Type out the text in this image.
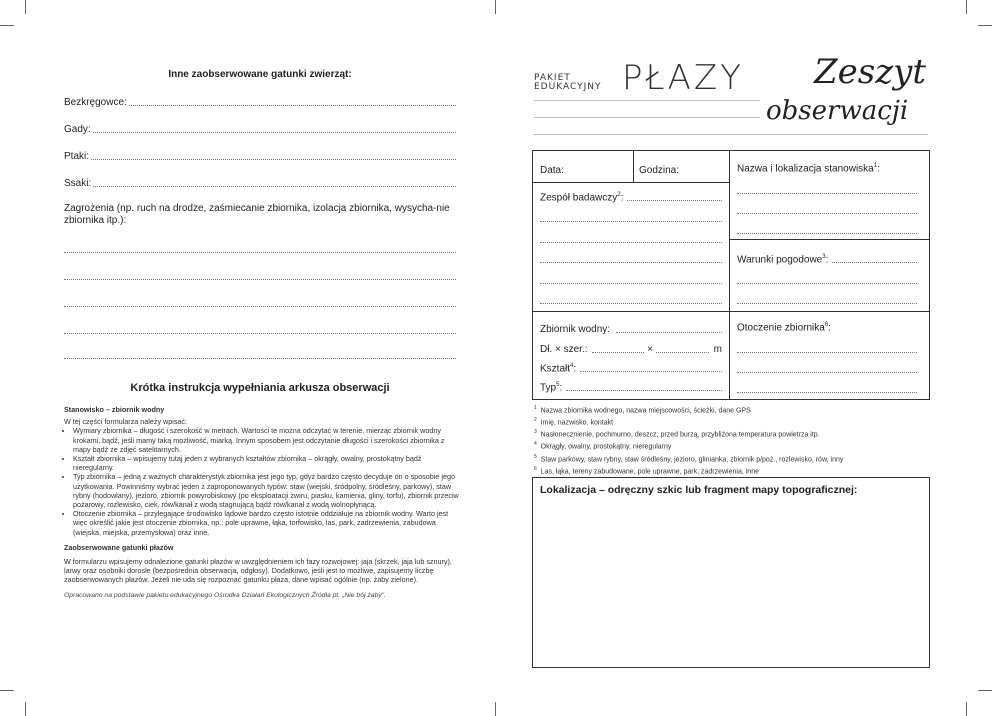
Inne zaobserwowane gatunki zwierząt:
Bezkręgowce:
Gady:
Ptaki:
Ssaki:
Zagrożenia (np. ruch na drodze, zaśmiecanie zbiornika, izolacja zbiornika, wysycha-nie zbiornika itp.):
Krótka instrukcja wypełniania arkusza obserwacji
Stanowisko – zbiornik wodny
W tej części formularza należy wpisać:
• Wymiary zbiornika – długość i szerokość w metrach. Wartości te można odczytać w terenie, mierząc zbiornik wodny krokami, bądź, jeśli mamy taką możliwość, miarką. Innym sposobem jest odczytanie długości i szerokości zbiornika z mapy bądź ze zdjęć satelitarnych.
• Kształt zbiornika – wpisujemy tutaj jeden z wybranych kształtów zbiornika – okrągły, owalny, prostokątny bądź nieregularny.
• Typ zbiornika – jedną z ważnych charakterystyk zbiornika jest jego typ, gdyż bardzo często decyduje on o sposobie jego użytkowania. Powinniśmy wybrać jeden z zaproponowanych typów: staw (wiejski, śródpolny, śródleśny, parkowy), staw rybny (hodowlany), jezioro, zbiornik powyrobiskowy (po eksploatacji żwiru, piasku, kamienia, gliny, torfu), zbiornik przeciw pożarowy, rozlewisko, ciek, rów/kanał z wodą stagnującą bądź rów/kanał z wodą wolnopłynącą.
• Otoczenie zbiornika – przylegające środowisko lądowe bardzo często istotnie oddziałuje na zbiornik wodny. Warto jest więc określić jakie jest otoczenie zbiornika, np.: pole uprawne, łąka, torfowisko, las, park, zadrzewienia, zabudowa (wiejska, miejska, przemysłowa) oraz inne.
Zaobserwowane gatunki płazów
W formularzu wpisujemy odnalezione gatunki płazów w uwzględnieniem ich fazy rozwojowej: jaja (skrzek, jaja lub sznury), larwy oraz osobniki dorosłe (bezpośrednia obserwacja, odgłosy). Dodatkowo, jeśli jest to możliwe, zapisujemy liczbę zaobserwowanych płazów. Jeżeli nie uda się rozpoznać gatunku płaza, dane wpisać ogólnie (np. żaby zielone).
Opracowano na podstawie pakietu edukacyjnego Ośrodka Działań Ekologicznych Źródła pt. „Nie bój żaby”.
PAKIET
EDUKACYJNY PŁAZY Zeszyt
obserwacji
Data:	Godzina:
Zespół badawczy$^2$:
Nazwa i lokalizacja stanowiska$^1$:
Warunki pogodowe$^3$:
Zbiornik wodny:
Dł. × szer.:	×	m
Kształt$^4$:
Typ$^5$:
Otoczenie zbiornika$^6$:
$^1$ Nazwa zbiornika wodnego, nazwa miejscowości, ścieżki, dane GPS
$^2$ Imię, nazwisko, kontakt
$^3$ Nasłonecznienie, pochmurno, deszcz, przed burzą, przybliżona temperatura powietrza itp.
$^4$ Okrągły, owalny, prostokątny, nieregularny
$^5$ Staw parkowy, staw rybny, staw śródleśny, jezioro, glinianka, zbiornik p/poż., rozlewisko, rów, inny
$^6$ Las, łąka, tereny zabudowane, pole uprawne, park, zadrzewienia, inne
Lokalizacja – odręczny szkic lub fragment mapy topograficznej:
